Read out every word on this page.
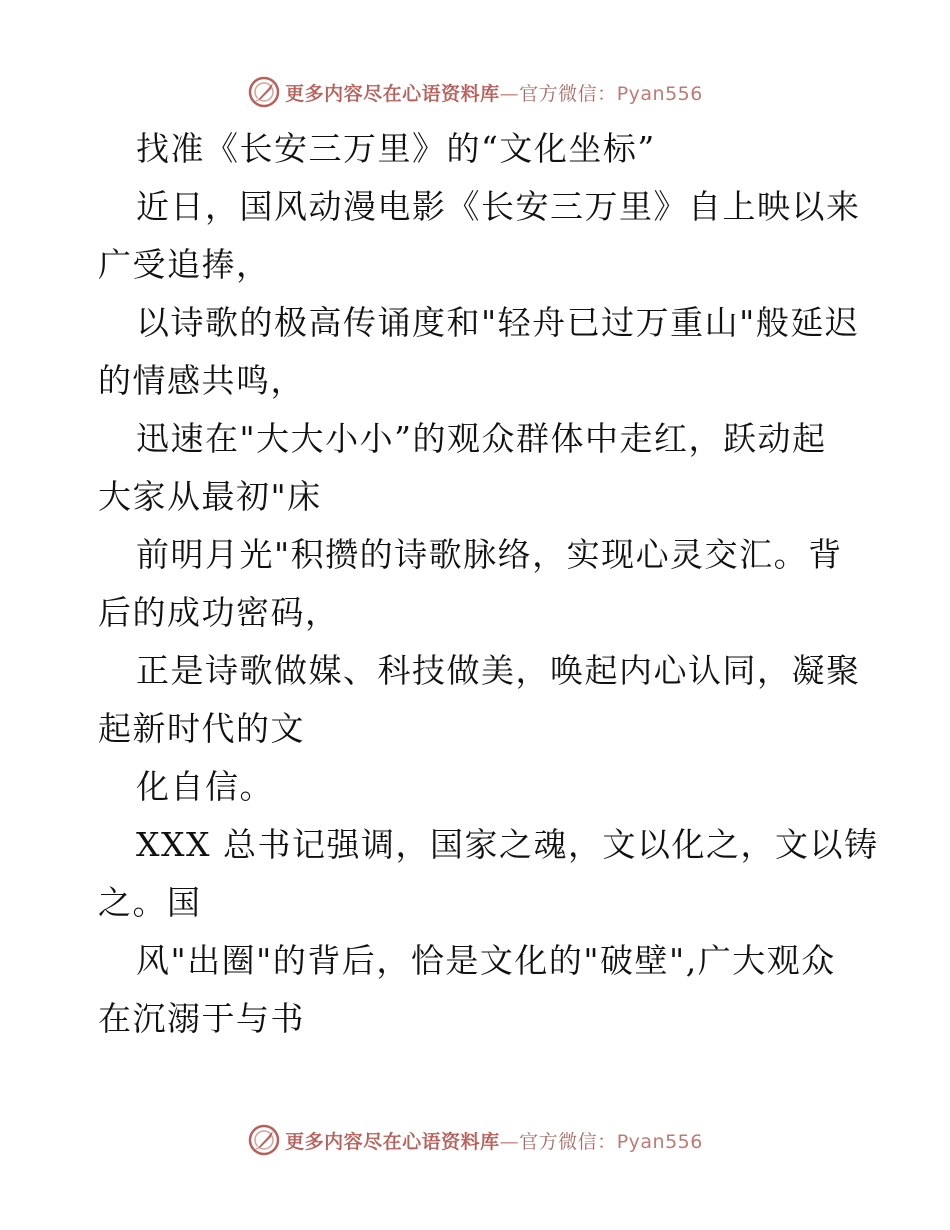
更多内容尽在心语资料库—官方微信：Pyan556
找准《长安三万里》的“文化坐标”
近日，国风动漫电影《长安三万里》自上映以来
广受追捧，
以诗歌的极高传诵度和"轻舟已过万重山"般延迟
的情感共鸣，
迅速在"大大小小”的观众群体中走红，跃动起
大家从最初"床
前明月光"积攒的诗歌脉络，实现心灵交汇。背
后的成功密码，
正是诗歌做媒、科技做美，唤起内心认同，凝聚
起新时代的文
化自信。
XXX 总书记强调，国家之魂，文以化之，文以铸
之。国
风"出圈"的背后，恰是文化的"破壁",广大观众
在沉溺于与书
更多内容尽在心语资料库—官方微信：Pyan556
